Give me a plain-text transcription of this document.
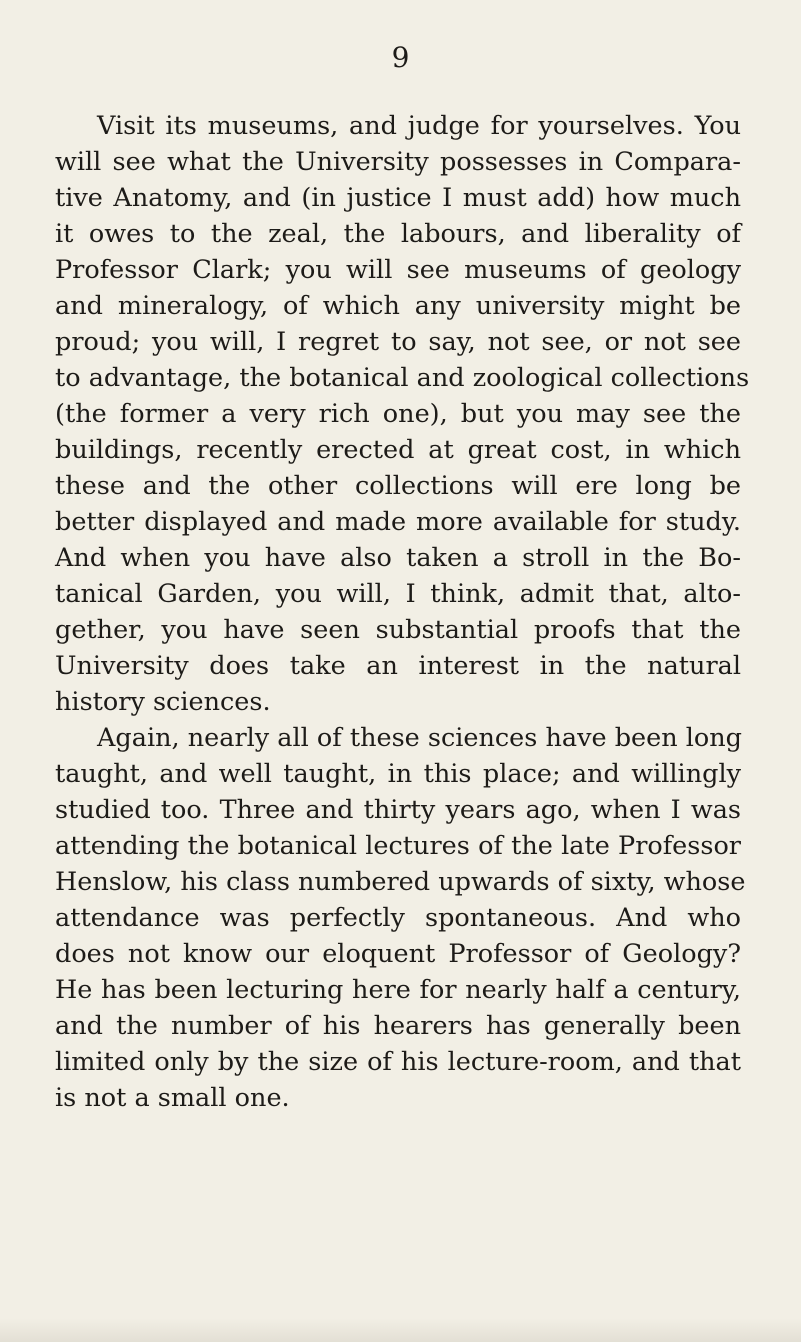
9
Visit its museums, and judge for yourselves. You
will see what the University possesses in Compara-
tive Anatomy, and (in justice I must add) how much
it owes to the zeal, the labours, and liberality of
Professor Clark; you will see museums of geology
and mineralogy, of which any university might be
proud; you will, I regret to say, not see, or not see
to advantage, the botanical and zoological collections
(the former a very rich one), but you may see the
buildings, recently erected at great cost, in which
these and the other collections will ere long be
better displayed and made more available for study.
And when you have also taken a stroll in the Bo-
tanical Garden, you will, I think, admit that, alto-
gether, you have seen substantial proofs that the
University does take an interest in the natural
history sciences.
Again, nearly all of these sciences have been long
taught, and well taught, in this place; and willingly
studied too. Three and thirty years ago, when I was
attending the botanical lectures of the late Professor
Henslow, his class numbered upwards of sixty, whose
attendance was perfectly spontaneous. And who
does not know our eloquent Professor of Geology?
He has been lecturing here for nearly half a century,
and the number of his hearers has generally been
limited only by the size of his lecture-room, and that
is not a small one.
